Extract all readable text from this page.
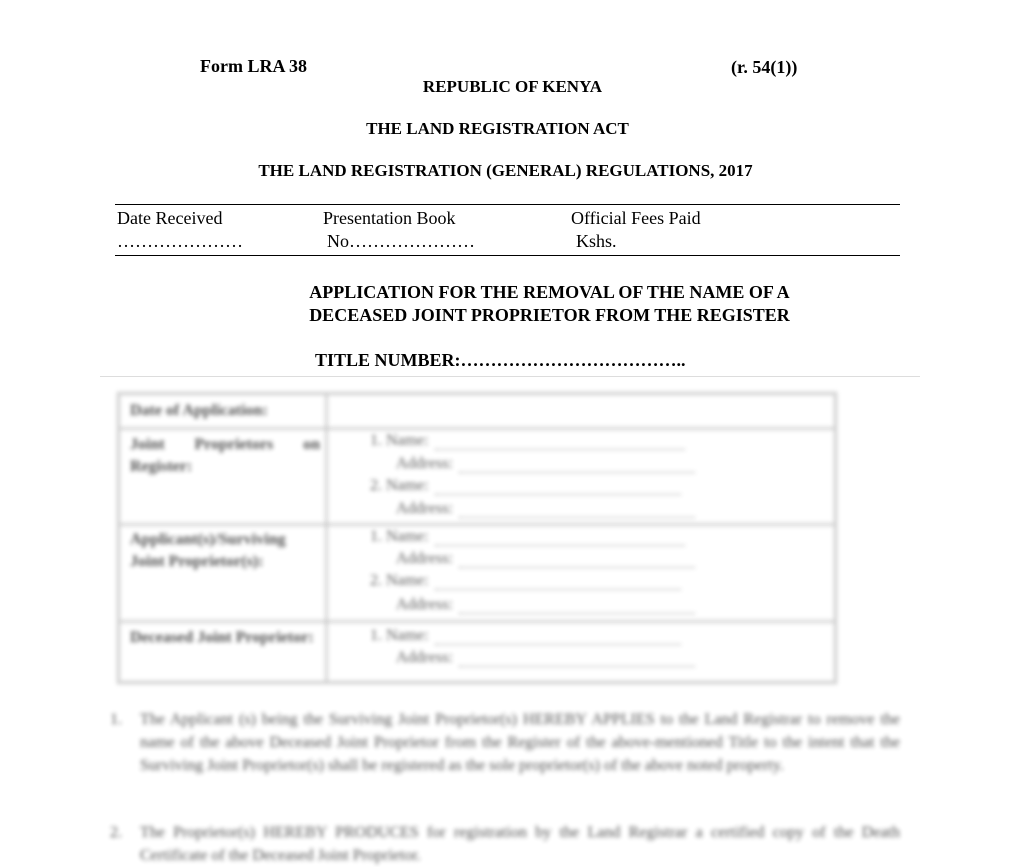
Form LRA 38	(r. 54(1))
REPUBLIC OF KENYA
THE LAND REGISTRATION ACT
THE LAND REGISTRATION (GENERAL) REGULATIONS, 2017
Date Received
…………………
Presentation Book
No…………………
Official Fees Paid
Kshs.
APPLICATION FOR THE REMOVAL OF THE NAME OF A
DECEASED JOINT PROPRIETOR FROM THE REGISTER
TITLE NUMBER:………………………………..
Date of Application:
Joint Proprietors on Register:
1. Name:
Address:
2. Name:
Address:
Applicant(s)/Surviving Joint Proprietor(s):
1. Name:
Address:
2. Name:
Address:
Deceased Joint Proprietor:	1. Name:
Address:
1. The Applicant (s) being the Surviving Joint Proprietor(s) HEREBY APPLIES to the Land Registrar to remove the name of the above Deceased Joint Proprietor from the Register of the above-mentioned Title to the intent that the Surviving Joint Proprietor(s) shall be registered as the sole proprietor(s) of the above noted property.
2. The Proprietor(s) HEREBY PRODUCES for registration by the Land Registrar a certified copy of the Death Certificate of the Deceased Joint Proprietor.
